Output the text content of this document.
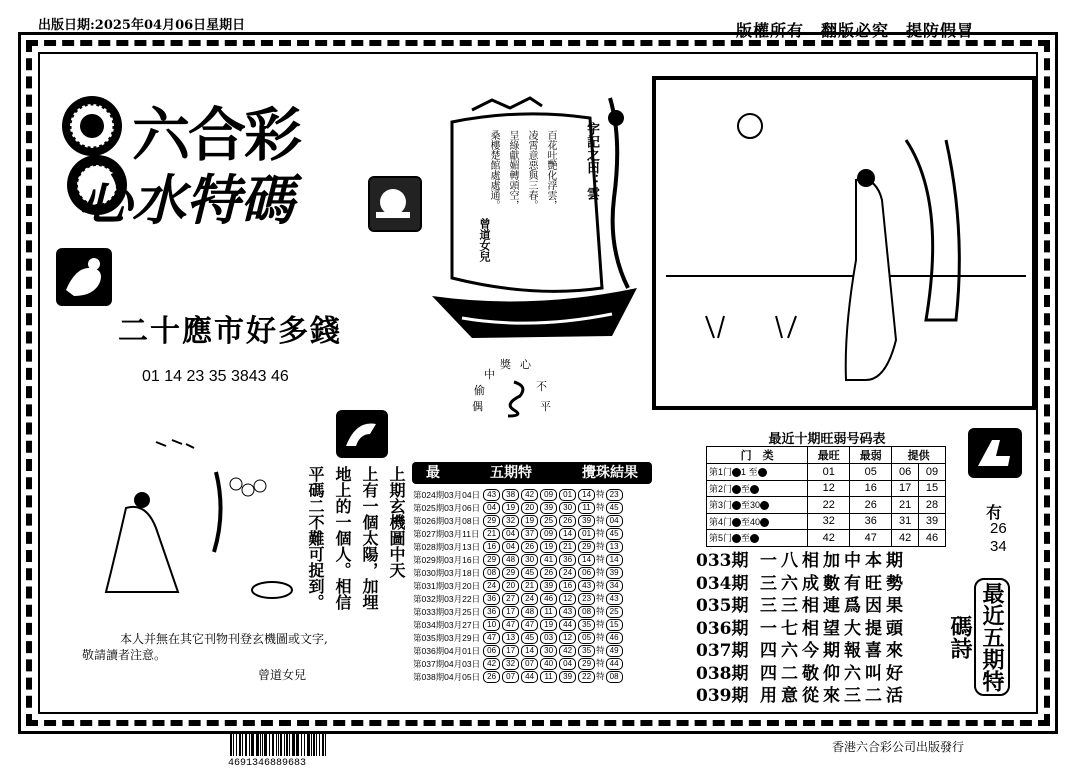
出版日期:2025年04月06日星期日	版權所有　翻版必究　提防假冒
六合彩
心水特碼
二十應市好多錢
01 14 23 35 3843 46
字記之曰：雲
百花吐艷化浮雲，
凌霄意惡與三春。
呈綠獻媚轉頭空，
桑樓楚館處處通。
曾道女兒
中
獎 心
不
平
偶
偷
上期玄機圖中天
上有一個太陽，加埋
地上的一個人。相信
平碼二不難可捉到。
本人并無在其它刊物刊登玄機圖或文字,
敬請讀者注意。
曾道女兒
最	五期特	攪珠結果
第024期03月04日	43 38 42 09 01 14 特 23
第025期03月06日	04 19 20 39 30 11 特 45
第026期03月08日	29 32 19 25 26 39 特 04
第027期03月11日	21 04 37 09 14 01 特 45
第028期03月13日	16 04 26 19 21 29 特 13
第029期03月16日	29 48 30 41 36 14 特 14
第030期03月18日	08 29 45 26 24 06 特 39
第031期03月20日	24 20 21 39 16 43 特 34
第032期03月22日	36 27 24 46 12 23 特 43
第033期03月25日	36 17 48 11 43 08 特 25
第034期03月27日	10 47 47 19 44 35 特 15
第035期03月29日	47 13 45 03 12 05 特 46
第036期04月01日	06 17 14 30 42 35 特 49
第037期04月03日	42 32 07 40 04 29 特 44
第038期04月05日	26 07 44 11 39 22 特 08
最近十期旺弱号码表
门　类	最旺	最弱	提供	
第1门 1 至	01	05	06	09
第2门 至	12	16	17	15
第3门 至30	22	26	21	28
第4门 至40	32	36	31	39
第5门 至	42	47	42	46
𠕇
26
34
033期 一八相加中本期
034期 三六成數有旺勢
035期 三三相連爲因果
036期 一七相望大提頭
037期 四六今期報喜來
038期 四二敬仰六叫好
039期 用意從來三二活
最近五期特碼詩
4691346889683
香港六合彩公司出版發行
